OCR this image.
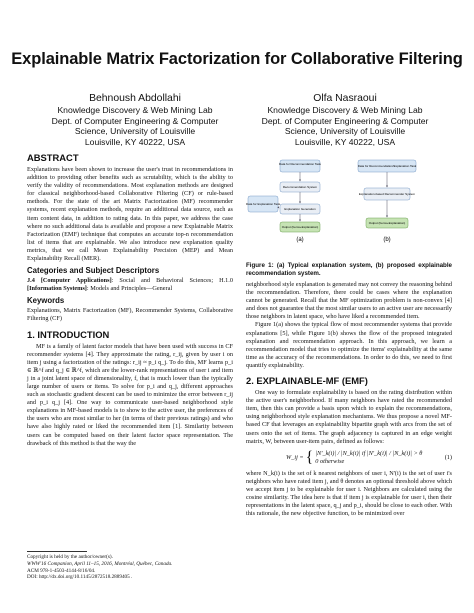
Explainable Matrix Factorization for Collaborative Filtering
Behnoush Abdollahi
Knowledge Discovery & Web Mining Lab
Dept. of Computer Engineering & Computer
Science, University of Louisville
Louisville, KY 40222, USA
Olfa Nasraoui
Knowledge Discovery & Web Mining Lab
Dept. of Computer Engineering & Computer
Science, University of Louisville
Louisville, KY 40222, USA
ABSTRACT

Explanations have been shown to increase the user's trust in recommendations in addition to providing other benefits such as scrutability, which is the ability to verify the validity of recommendations. Most explanation methods are designed for classical neighborhood-based Collaborative Filtering (CF) or rule-based methods. For the state of the art Matrix Factorization (MF) recommender systems, recent explanation methods, require an additional data source, such as item content data, in addition to rating data. In this paper, we address the case where no such additional data is available and propose a new Explainable Matrix Factorization (EMF) technique that computes an accurate top-n recommendation list of items that are explainable. We also introduce new explanation quality metrics, that we call Mean Explainability Precision (MEP) and Mean Explainability Recall (MER).

Categories and Subject Descriptors

J.4 [Computer Applications]: Social and Behavioral Sciences; H.1.0 [Information Systems]: Models and Principles—General

Keywords

Explanations, Matrix Factorization (MF), Recommender Systems, Collaborative Filtering (CF)

1. INTRODUCTION

MF is a family of latent factor models that have been used with success in CF recommender systems [4]. They approximate the rating, r_ij, given by user i on item j using a factorization of the ratings: r_ij ≈ p_i q_j. To do this, MF learns p_i ∈ ℝ^f and q_j ∈ ℝ^f, which are the lower-rank representations of user i and item j in a joint latent space of dimensionality, f, that is much lower than the typically large number of users or items. To solve for p_i and q_j, different approaches such as stochastic gradient descent can be used to minimize the error between r_ij and p_i q_j [4]. One way to communicate user-based neighborhood style explanations in MF-based models is to show to the active user, the preferences of the users who are most similar to her (in terms of their previous ratings) and who have also highly rated or liked the recommended item [1]. Similarity between users can be computed based on their latent factor space representation. The drawback of this method is that the way the

Copyright is held by the author/owner(s).
WWW'16 Companion, April 11–15, 2016, Montréal, Québec, Canada.
ACM 978-1-4503-4144-8/16/04.
DOI: http://dx.doi.org/10.1145/2872518.2889405 .
Data for Recommendation Task
Recommendation System
Data for Explanation Task
Explanation Generation
Output (Items+Explanation)
(a)
Data for Recommendation/Explanation Task
Explanation-based Recommender System
Output (Items+Explanation)
(b)
Figure 1: (a) Typical explanation system, (b) proposed explainable recommendation system.

neighborhood style explanation is generated may not convey the reasoning behind the recommendation. Therefore, there could be cases where the explanation cannot be generated. Recall that the MF optimization problem is non-convex [4] and does not guarantee that the most similar users to an active user are necessarily those neighbors in latent space, who have liked a recommended item.

Figure 1(a) shows the typical flow of most recommender systems that provide explanations [5], while Figure 1(b) shows the flow of the proposed integrated explanation and recommendation approach. In this approach, we learn a recommendation model that tries to optimize the items' explainability at the same time as the accuracy of the recommendations. In order to do this, we need to first quantify explainability.

2. EXPLAINABLE-MF (EMF)

One way to formulate explainability is based on the rating distribution within the active user's neighborhood. If many neighbors have rated the recommended item, then this can provide a basis upon which to explain the recommendations, using neighborhood style explanation mechanisms. We thus propose a novel MF-based CF that leverages an explainability bipartite graph with arcs from the set of users onto the set of items. The graph adjacency is captured in an edge weight matrix, W, between user-item pairs, defined as follows:

W_ij = { |N'_k(i)| / |N_k(i)| if |N'_k(i)| / |N_k(i)| > θ
0 otherwise
(1)

where N_k(i) is the set of k nearest neighbors of user i, N'(i) is the set of user i's neighbors who have rated item j, and θ denotes an optional threshold above which we accept item j to be explainable for user i. Neighbors are calculated using the cosine similarity. The idea here is that if item j is explainable for user i, then their representations in the latent space, q_j and p_i, should be close to each other. With this rationale, the new objective function, to be minimized over
